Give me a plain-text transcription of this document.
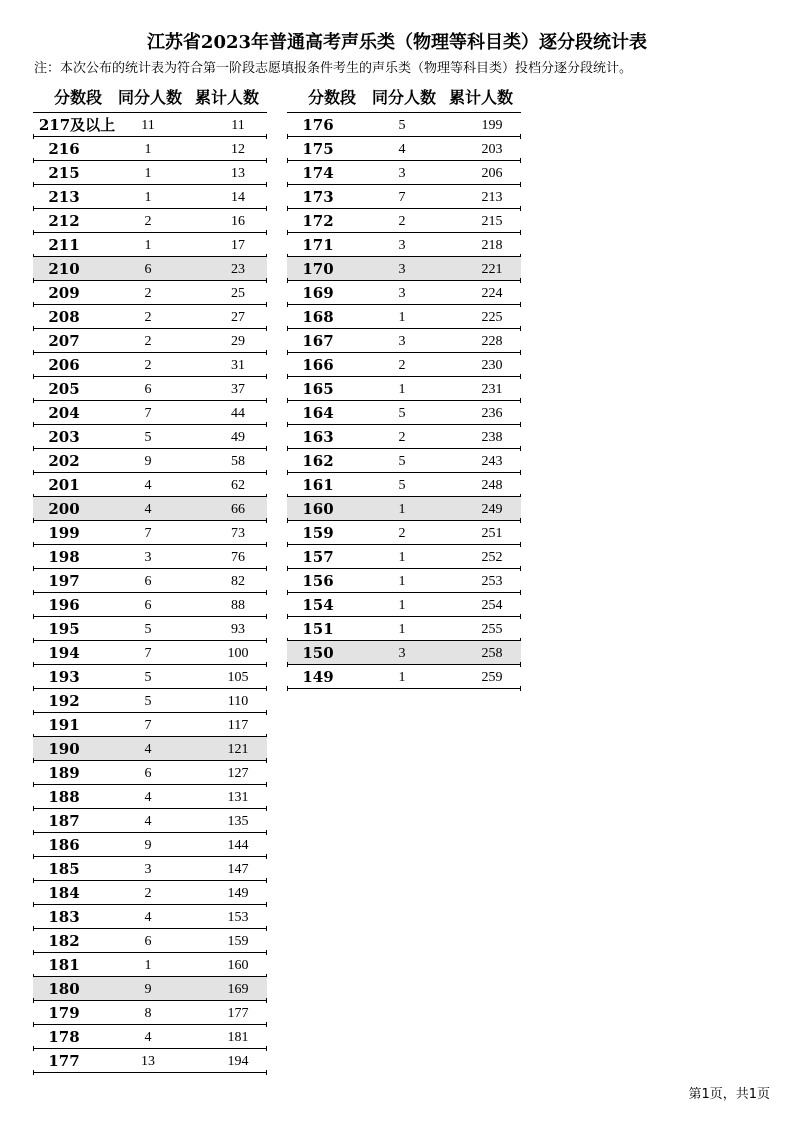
江苏省2023年普通高考声乐类（物理等科目类）逐分段统计表
注：本次公布的统计表为符合第一阶段志愿填报条件考生的声乐类（物理等科目类）投档分逐分段统计。
分数段 同分人数 累计人数
217及以上	11	11
216	1	12
215	1	13
213	1	14
212	2	16
211	1	17
210	6	23
209	2	25
208	2	27
207	2	29
206	2	31
205	6	37
204	7	44
203	5	49
202	9	58
201	4	62
200	4	66
199	7	73
198	3	76
197	6	82
196	6	88
195	5	93
194	7	100
193	5	105
192	5	110
191	7	117
190	4	121
189	6	127
188	4	131
187	4	135
186	9	144
185	3	147
184	2	149
183	4	153
182	6	159
181	1	160
180	9	169
179	8	177
178	4	181
177	13	194
分数段 同分人数 累计人数
176	5	199
175	4	203
174	3	206
173	7	213
172	2	215
171	3	218
170	3	221
169	3	224
168	1	225
167	3	228
166	2	230
165	1	231
164	5	236
163	2	238
162	5	243
161	5	248
160	1	249
159	2	251
157	1	252
156	1	253
154	1	254
151	1	255
150	3	258
149	1	259
第1页，共1页
